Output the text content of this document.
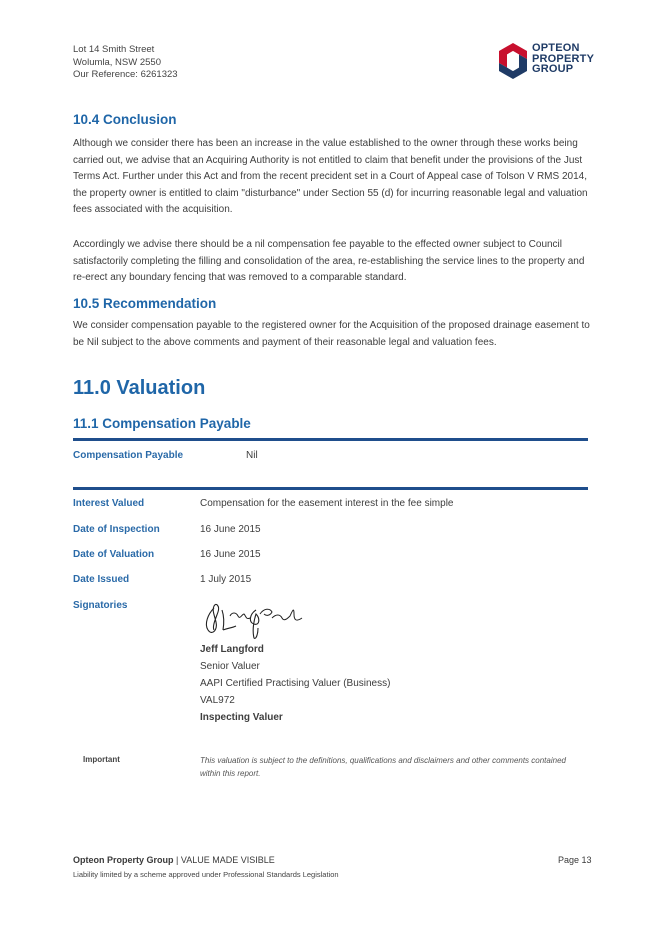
Lot 14 Smith Street
Wolumla, NSW 2550
Our Reference: 6261323
OPTEON
PROPERTY
GROUP
10.4 Conclusion

Although we consider there has been an increase in the value established to the owner through these works being carried out, we advise that an Acquiring Authority is not entitled to claim that benefit under the provisions of the Just Terms Act. Further under this Act and from the recent precident set in a Court of Appeal case of Tolson V RMS 2014, the property owner is entitled to claim "disturbance" under Section 55 (d) for incurring reasonable legal and valuation fees associated with the acquisition.

Accordingly we advise there should be a nil compensation fee payable to the effected owner subject to Council satisfactorily completing the filling and consolidation of the area, re-establishing the service lines to the property and re-erect any boundary fencing that was removed to a comparable standard.

10.5 Recommendation

We consider compensation payable to the registered owner for the Acquisition of the proposed drainage easement to be Nil subject to the above comments and payment of their reasonable legal and valuation fees.

11.0 Valuation
11.1 Compensation Payable
Compensation Payable	Nil
Interest Valued	Compensation for the easement interest in the fee simple
Date of Inspection	16 June 2015
Date of Valuation	16 June 2015
Date Issued	1 July 2015
Signatories
Jeff Langford
Senior Valuer
AAPI Certified Practising Valuer (Business)
VAL972
Inspecting Valuer
Important	This valuation is subject to the definitions, qualifications and disclaimers and other comments contained within this report.

Opteon Property Group | VALUE MADE VISIBLE
Liability limited by a scheme approved under Professional Standards Legislation
Page 13
